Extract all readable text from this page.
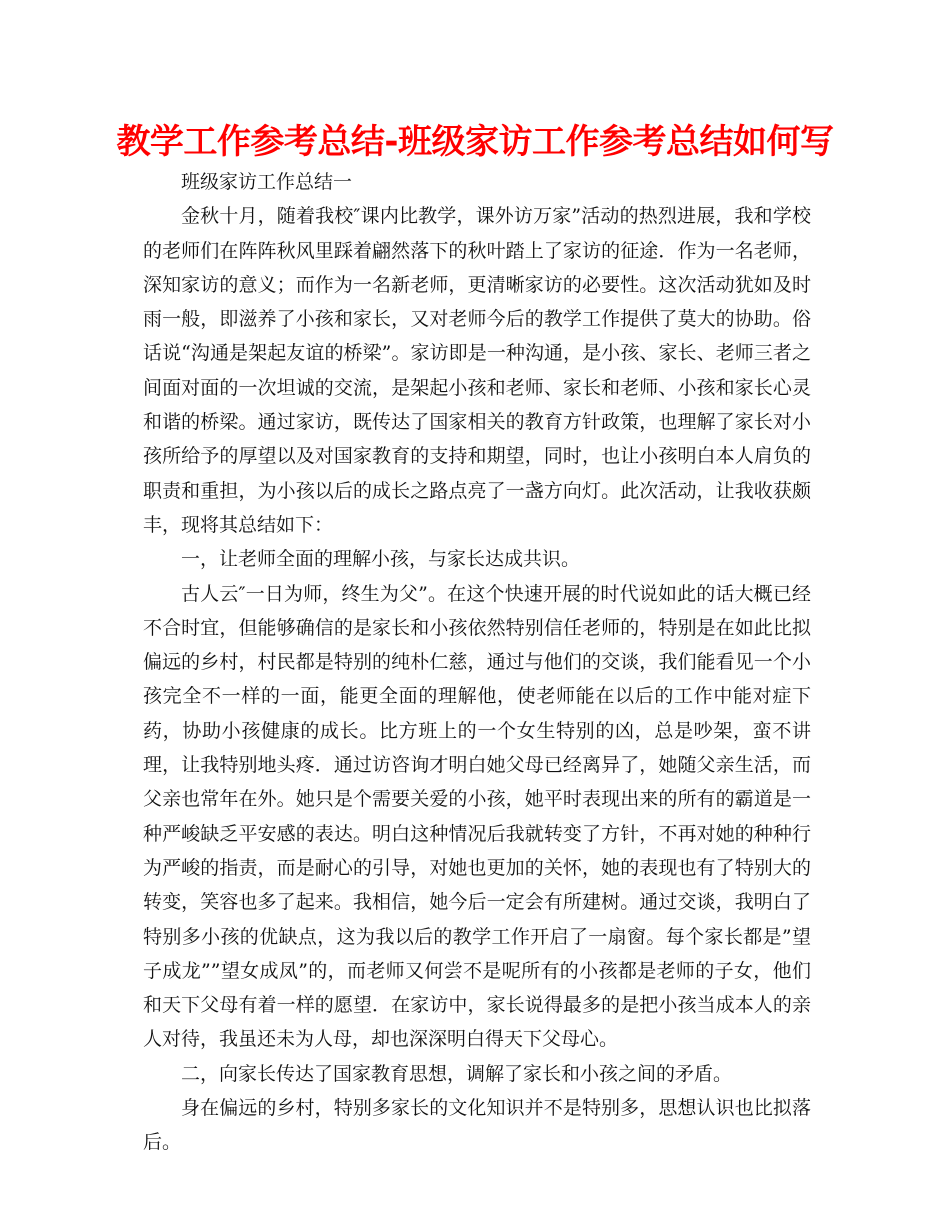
教学工作参考总结-班级家访工作参考总结如何写

班级家访工作总结一

金秋十月，随着我校″课内比教学，课外访万家”活动的热烈进展，我和学校的老师们在阵阵秋风里踩着翩然落下的秋叶踏上了家访的征途．作为一名老师，深知家访的意义；而作为一名新老师，更清晰家访的必要性。这次活动犹如及时雨一般，即滋养了小孩和家长，又对老师今后的教学工作提供了莫大的协助。俗话说“沟通是架起友谊的桥梁”。家访即是一种沟通，是小孩、家长、老师三者之间面对面的一次坦诚的交流，是架起小孩和老师、家长和老师、小孩和家长心灵和谐的桥梁。通过家访，既传达了国家相关的教育方针政策，也理解了家长对小孩所给予的厚望以及对国家教育的支持和期望，同时，也让小孩明白本人肩负的职责和重担，为小孩以后的成长之路点亮了一盏方向灯。此次活动，让我收获颇丰，现将其总结如下：

一，让老师全面的理解小孩，与家长达成共识。

古人云″一日为师，终生为父”。在这个快速开展的时代说如此的话大概已经不合时宜，但能够确信的是家长和小孩依然特别信任老师的，特别是在如此比拟偏远的乡村，村民都是特别的纯朴仁慈，通过与他们的交谈，我们能看见一个小孩完全不一样的一面，能更全面的理解他，使老师能在以后的工作中能对症下药，协助小孩健康的成长。比方班上的一个女生特别的凶，总是吵架，蛮不讲理，让我特别地头疼．通过访咨询才明白她父母已经离异了，她随父亲生活，而父亲也常年在外。她只是个需要关爱的小孩，她平时表现出来的所有的霸道是一种严峻缺乏平安感的表达。明白这种情况后我就转变了方针，不再对她的种种行为严峻的指责，而是耐心的引导，对她也更加的关怀，她的表现也有了特别大的转变，笑容也多了起来。我相信，她今后一定会有所建树。通过交谈，我明白了特别多小孩的优缺点，这为我以后的教学工作开启了一扇窗。每个家长都是”望子成龙””望女成凤”的，而老师又何尝不是呢所有的小孩都是老师的子女，他们和天下父母有着一样的愿望．在家访中，家长说得最多的是把小孩当成本人的亲人对待，我虽还未为人母，却也深深明白得天下父母心。

二，向家长传达了国家教育思想，调解了家长和小孩之间的矛盾。

身在偏远的乡村，特别多家长的文化知识并不是特别多，思想认识也比拟落后。
